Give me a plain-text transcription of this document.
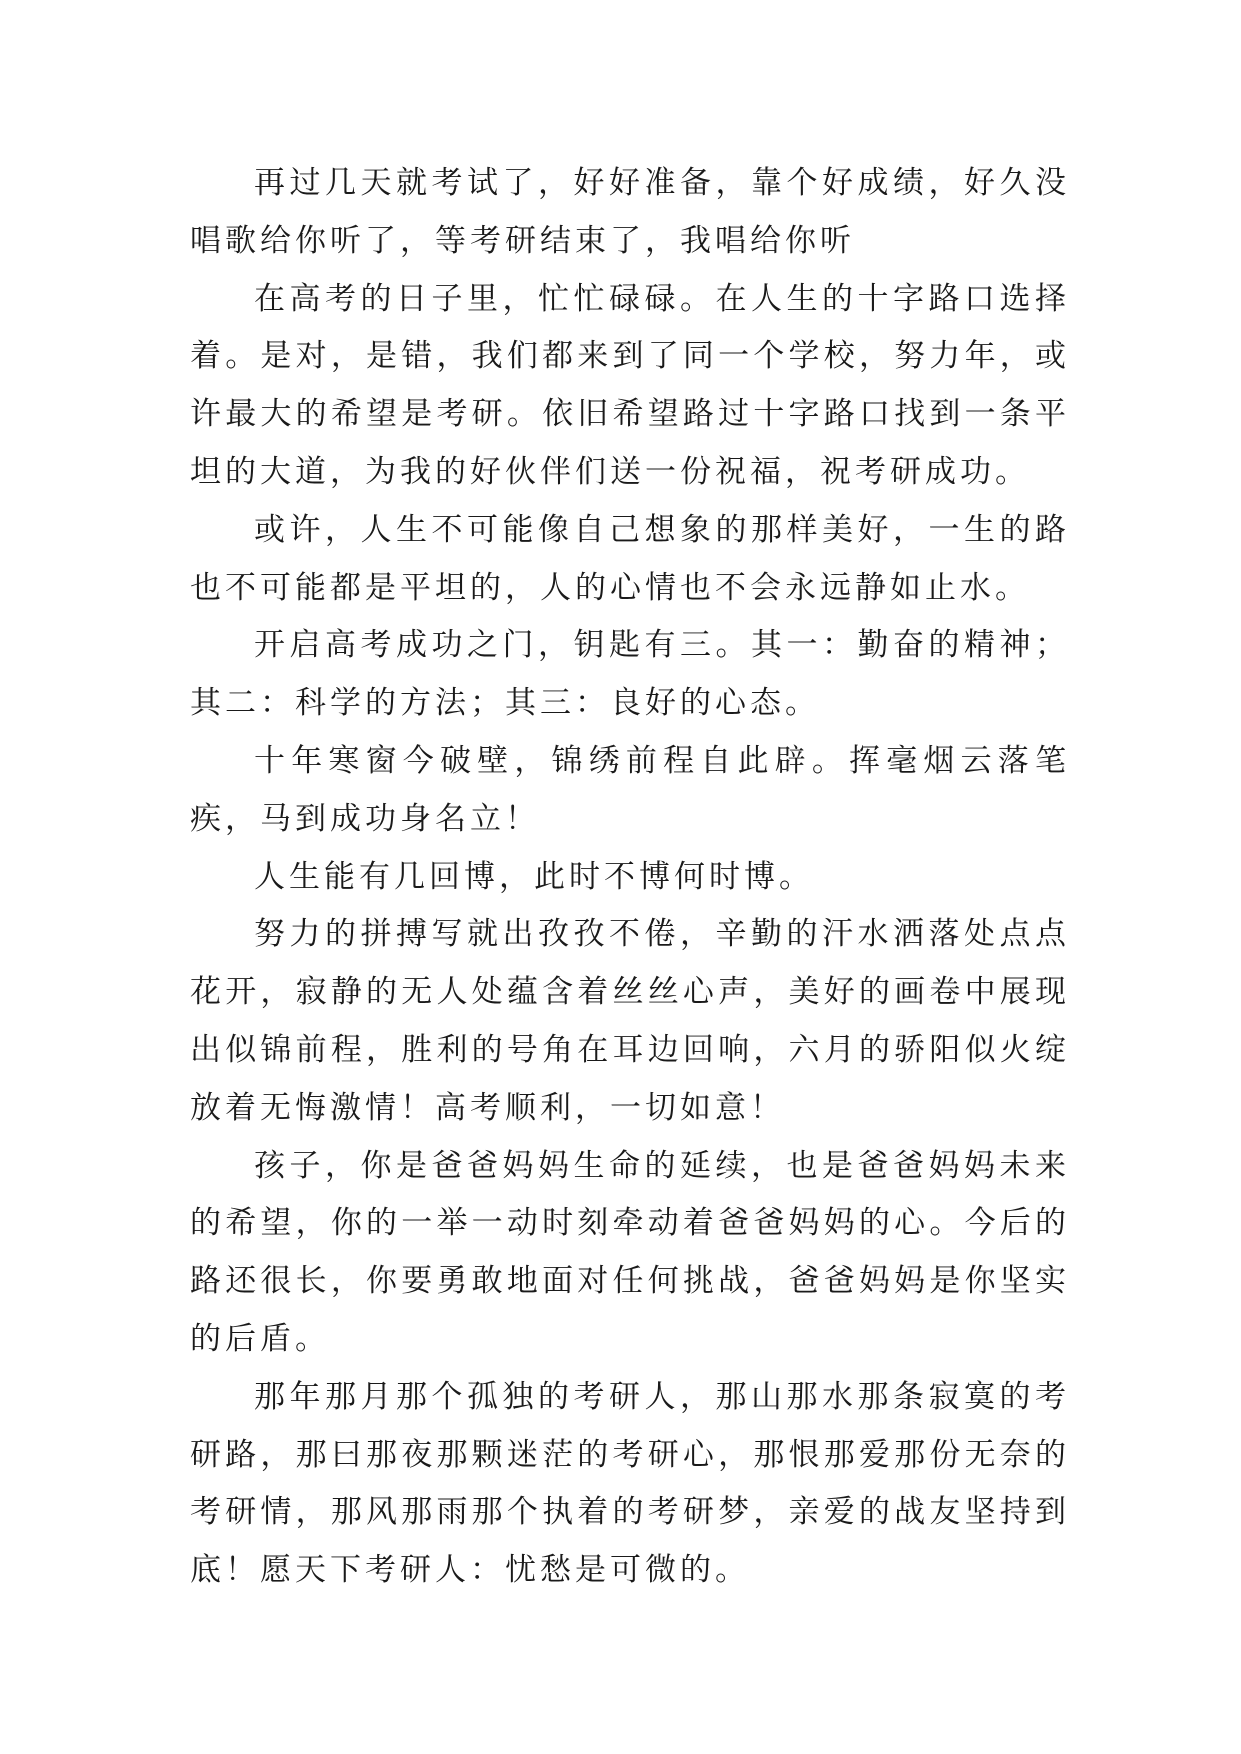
再过几天就考试了，好好准备，靠个好成绩，好久没唱歌给你听了，等考研结束了，我唱给你听

在高考的日子里，忙忙碌碌。在人生的十字路口选择着。是对，是错，我们都来到了同一个学校，努力年，或许最大的希望是考研。依旧希望路过十字路口找到一条平坦的大道，为我的好伙伴们送一份祝福，祝考研成功。

或许，人生不可能像自己想象的那样美好，一生的路也不可能都是平坦的，人的心情也不会永远静如止水。

开启高考成功之门，钥匙有三。其一：勤奋的精神；其二：科学的方法；其三：良好的心态。

十年寒窗今破壁，锦绣前程自此辟。挥毫烟云落笔疾，马到成功身名立！

人生能有几回博，此时不博何时博。

努力的拼搏写就出孜孜不倦，辛勤的汗水洒落处点点花开，寂静的无人处蕴含着丝丝心声，美好的画卷中展现出似锦前程，胜利的号角在耳边回响，六月的骄阳似火绽放着无悔激情！高考顺利，一切如意！

孩子，你是爸爸妈妈生命的延续，也是爸爸妈妈未来的希望，你的一举一动时刻牵动着爸爸妈妈的心。今后的路还很长，你要勇敢地面对任何挑战，爸爸妈妈是你坚实的后盾。

那年那月那个孤独的考研人，那山那水那条寂寞的考研路，那曰那夜那颗迷茫的考研心，那恨那爱那份无奈的考研情，那风那雨那个执着的考研梦，亲爱的战友坚持到底！愿天下考研人：忧愁是可微的。
